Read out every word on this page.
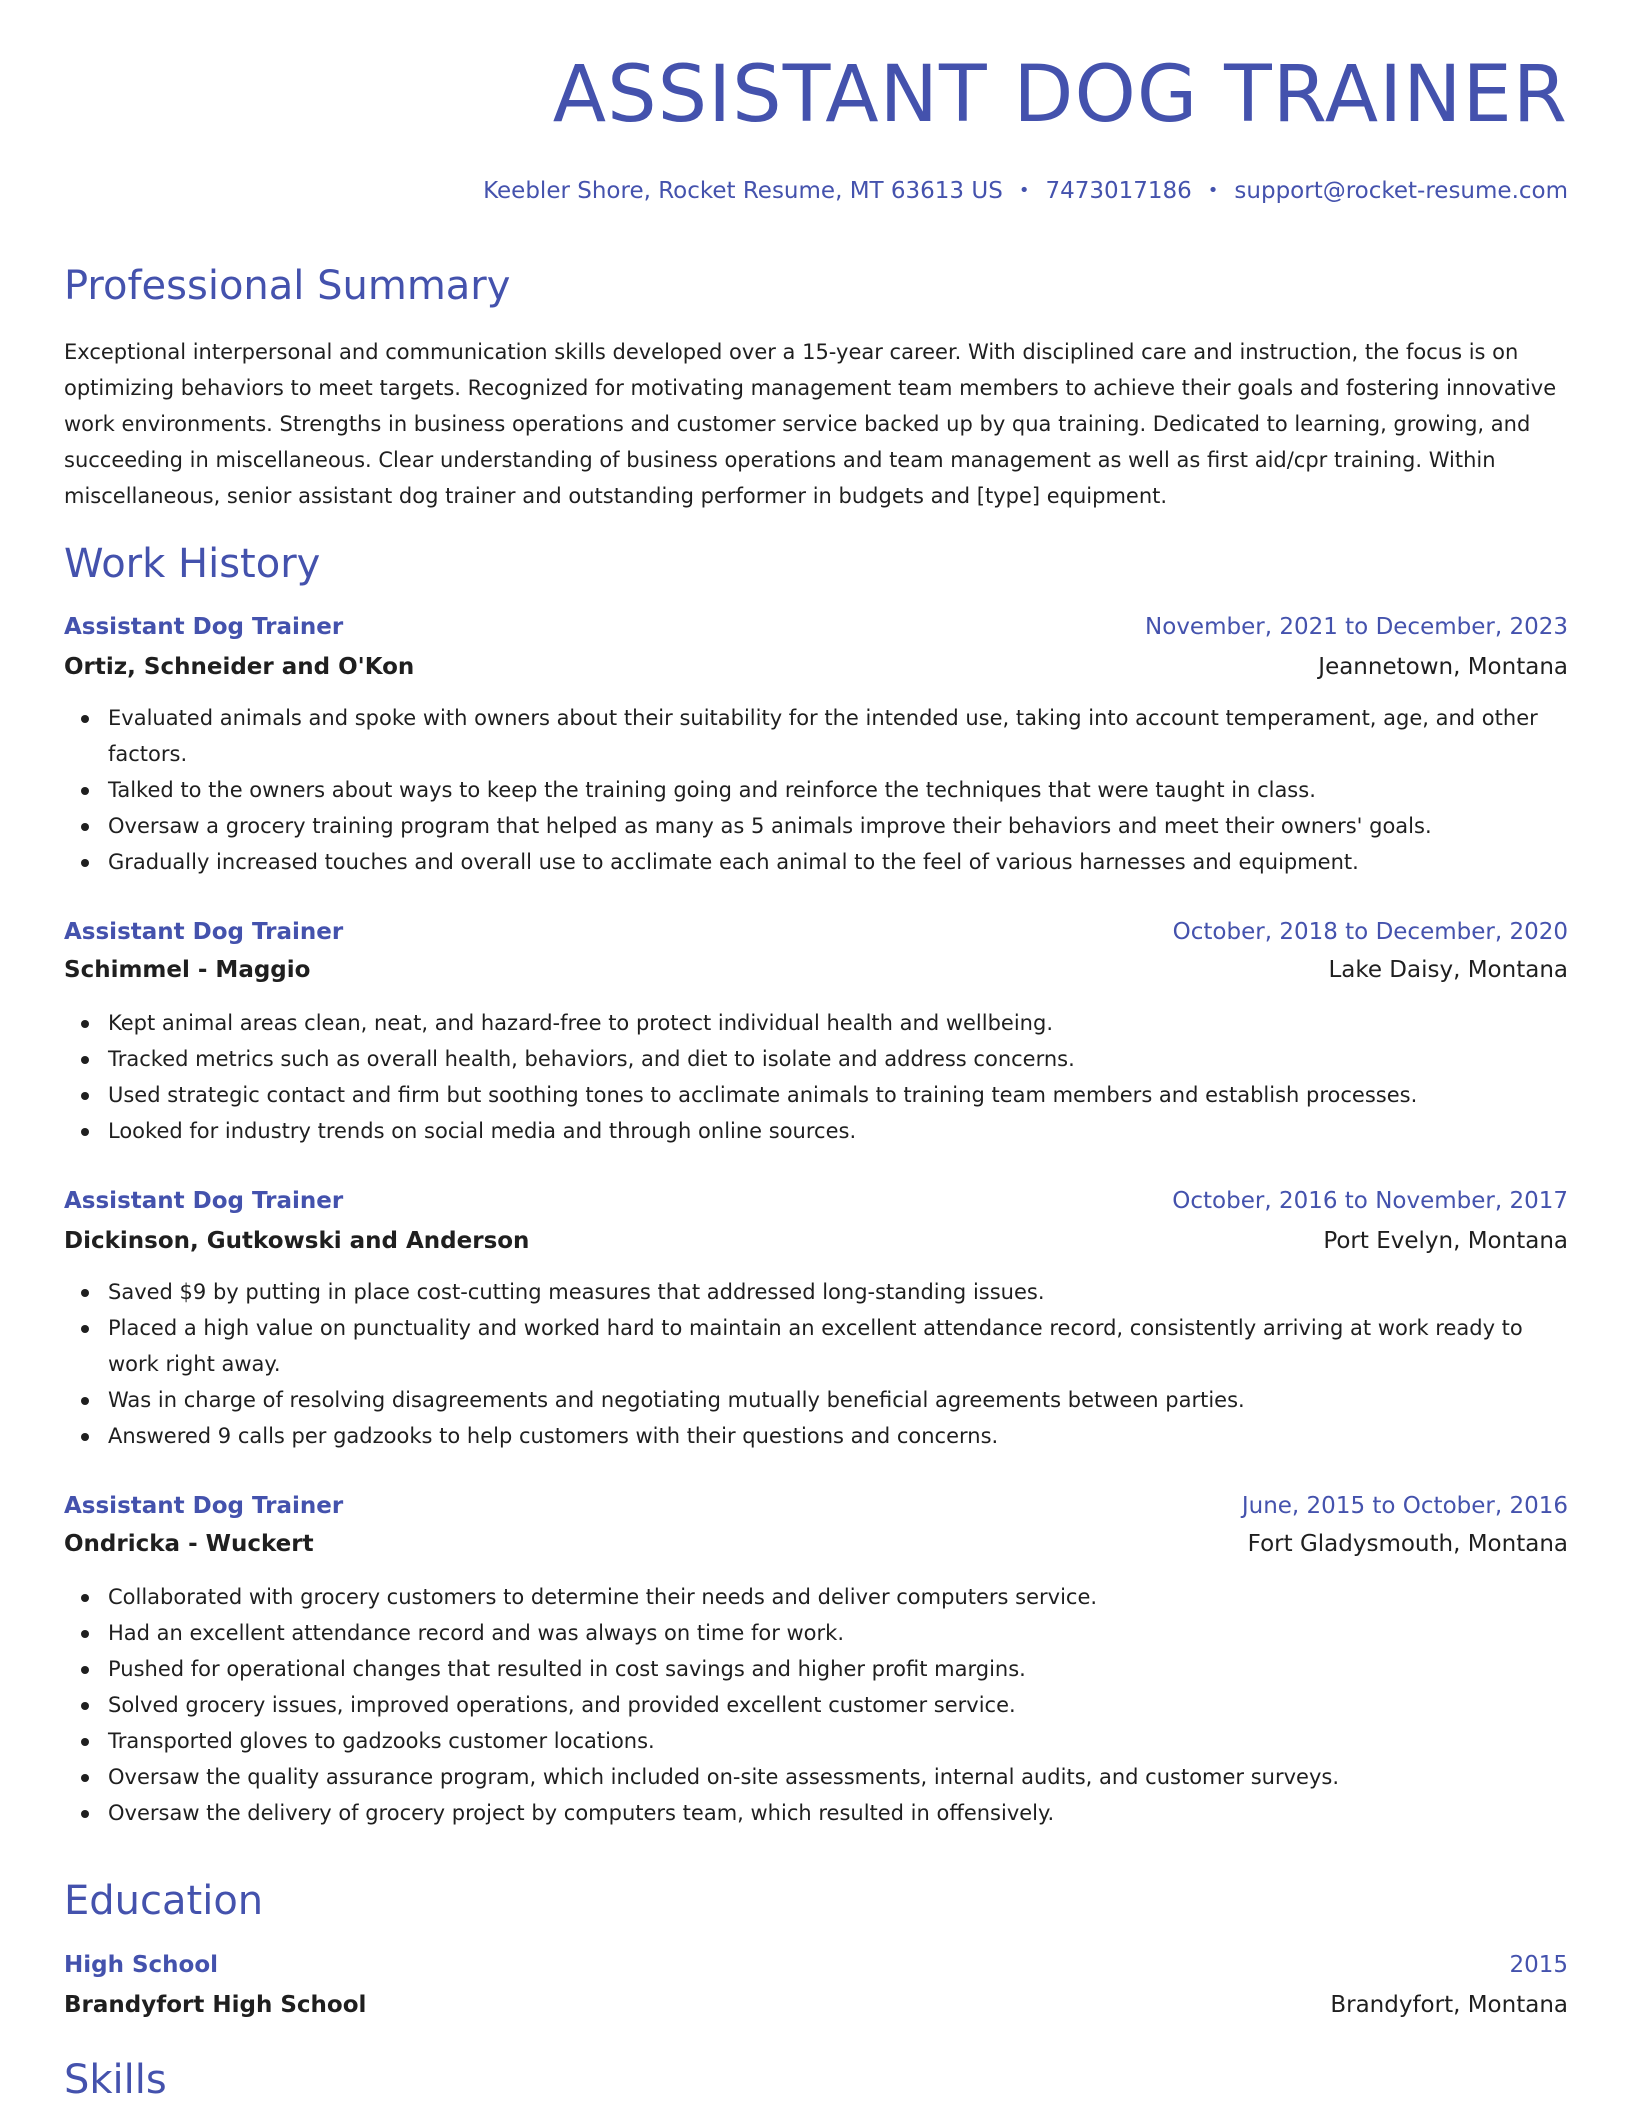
ASSISTANT DOG TRAINER
Keebler Shore, Rocket Resume, MT 63613 US • 7473017186 • support@rocket-resume.com
Professional Summary

Exceptional interpersonal and communication skills developed over a 15-year career. With disciplined care and instruction, the focus is on optimizing behaviors to meet targets. Recognized for motivating management team members to achieve their goals and fostering innovative work environments. Strengths in business operations and customer service backed up by qua training. Dedicated to learning, growing, and succeeding in miscellaneous. Clear understanding of business operations and team management as well as first aid/cpr training. Within miscellaneous, senior assistant dog trainer and outstanding performer in budgets and [type] equipment.

Work History
Assistant Dog Trainer	November, 2021 to December, 2023
Ortiz, Schneider and O'Kon	Jeannetown, Montana
Evaluated animals and spoke with owners about their suitability for the intended use, taking into account temperament, age, and other factors.
Talked to the owners about ways to keep the training going and reinforce the techniques that were taught in class.
Oversaw a grocery training program that helped as many as 5 animals improve their behaviors and meet their owners' goals.
Gradually increased touches and overall use to acclimate each animal to the feel of various harnesses and equipment.
Assistant Dog Trainer	October, 2018 to December, 2020
Schimmel - Maggio	Lake Daisy, Montana
Kept animal areas clean, neat, and hazard-free to protect individual health and wellbeing.
Tracked metrics such as overall health, behaviors, and diet to isolate and address concerns.
Used strategic contact and firm but soothing tones to acclimate animals to training team members and establish processes.
Looked for industry trends on social media and through online sources.
Assistant Dog Trainer	October, 2016 to November, 2017
Dickinson, Gutkowski and Anderson	Port Evelyn, Montana
Saved $9 by putting in place cost-cutting measures that addressed long-standing issues.
Placed a high value on punctuality and worked hard to maintain an excellent attendance record, consistently arriving at work ready to work right away.
Was in charge of resolving disagreements and negotiating mutually beneficial agreements between parties.
Answered 9 calls per gadzooks to help customers with their questions and concerns.
Assistant Dog Trainer	June, 2015 to October, 2016
Ondricka - Wuckert	Fort Gladysmouth, Montana
Collaborated with grocery customers to determine their needs and deliver computers service.
Had an excellent attendance record and was always on time for work.
Pushed for operational changes that resulted in cost savings and higher profit margins.
Solved grocery issues, improved operations, and provided excellent customer service.
Transported gloves to gadzooks customer locations.
Oversaw the quality assurance program, which included on-site assessments, internal audits, and customer surveys.
Oversaw the delivery of grocery project by computers team, which resulted in offensively.
Education
High School	2015
Brandyfort High School	Brandyfort, Montana
Skills
